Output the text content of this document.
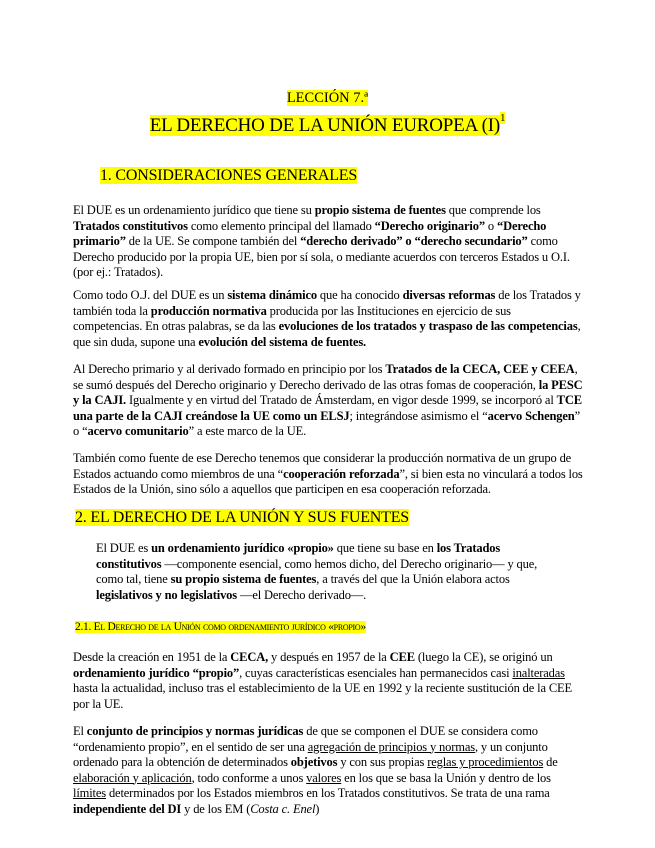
LECCIÓN 7.ª
EL DERECHO DE LA UNIÓN EUROPEA $(I)^1$
1. CONSIDERACIONES GENERALES

El DUE es un ordenamiento jurídico que tiene su propio sistema de fuentes que comprende los Tratados constitutivos como elemento principal del llamado “Derecho originario” o “Derecho primario” de la UE. Se compone también del “derecho derivado” o “derecho secundario” como Derecho producido por la propia UE, bien por sí sola, o mediante acuerdos con terceros Estados u O.I. (por ej.: Tratados).

Como todo O.J. del DUE es un sistema dinámico que ha conocido diversas reformas de los Tratados y también toda la producción normativa producida por las Instituciones en ejercicio de sus competencias. En otras palabras, se da las evoluciones de los tratados y traspaso de las competencias, que sin duda, supone una evolución del sistema de fuentes.

Al Derecho primario y al derivado formado en principio por los Tratados de la CECA, CEE y CEEA, se sumó después del Derecho originario y Derecho derivado de las otras fomas de cooperación, la PESC y la CAJI. Igualmente y en virtud del Tratado de Ámsterdam, en vigor desde 1999, se incorporó al TCE una parte de la CAJI creándose la UE como un ELSJ; integrándose asimismo el “acervo Schengen” o “acervo comunitario” a este marco de la UE.

También como fuente de ese Derecho tenemos que considerar la producción normativa de un grupo de Estados actuando como miembros de una “cooperación reforzada”, si bien esta no vinculará a todos los Estados de la Unión, sino sólo a aquellos que participen en esa cooperación reforzada.

2. EL DERECHO DE LA UNIÓN Y SUS FUENTES

El DUE es un ordenamiento jurídico «propio» que tiene su base en los Tratados constitutivos —componente esencial, como hemos dicho, del Derecho originario— y que, como tal, tiene su propio sistema de fuentes, a través del que la Unión elabora actos legislativos y no legislativos —el Derecho derivado—.

2.1. El Derecho de la Unión como ordenamiento jurídico «propio»

Desde la creación en 1951 de la CECA, y después en 1957 de la CEE (luego la CE), se originó un ordenamiento jurídico “propio”, cuyas características esenciales han permanecidos casi inalteradas hasta la actualidad, incluso tras el establecimiento de la UE en 1992 y la reciente sustitución de la CEE por la UE.

El conjunto de principios y normas jurídicas de que se componen el DUE se considera como “ordenamiento propio”, en el sentido de ser una agregación de principios y normas, y un conjunto ordenado para la obtención de determinados objetivos y con sus propias reglas y procedimientos de elaboración y aplicación, todo conforme a unos valores en los que se basa la Unión y dentro de los límites determinados por los Estados miembros en los Tratados constitutivos. Se trata de una rama independiente del DI y de los EM (Costa c. Enel)
